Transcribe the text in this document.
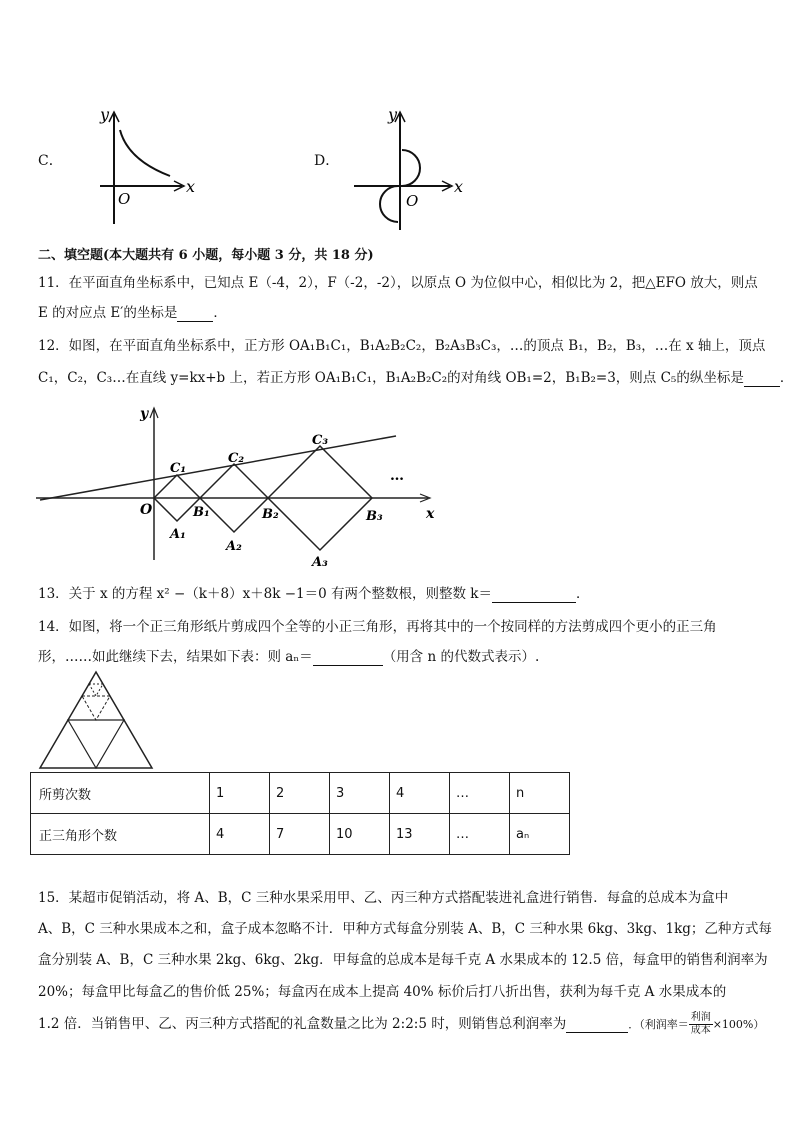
C．
y
x
O
D．
y
x
O
二、填空题(本大题共有 6 小题，每小题 3 分，共 18 分)
11．在平面直角坐标系中，已知点 E（-4，2），F（-2，-2），以原点 O 为位似中心，相似比为 2，把△EFO 放大，则点
E 的对应点 E′的坐标是	．
12．如图，在平面直角坐标系中，正方形 OA₁B₁C₁，B₁A₂B₂C₂，B₂A₃B₃C₃，…的顶点 B₁，B₂，B₃，…在 x 轴上，顶点
C₁，C₂，C₃…在直线 y=kx+b 上，若正方形 OA₁B₁C₁，B₁A₂B₂C₂的对角线 OB₁=2，B₁B₂=3，则点 C₅的纵坐标是	．
y
x
O
C₁
C₂
C₃
B₁	B₂	B₃
A₁
A₂
A₃
…
13．关于 x 的方程 x² −（k＋8）x＋8k −1＝0 有两个整数根，则整数 k＝	．
14．如图，将一个正三角形纸片剪成四个全等的小正三角形，再将其中的一个按同样的方法剪成四个更小的正三角
形，……如此继续下去，结果如下表：则 aₙ＝	（用含 n 的代数式表示）.
所剪次数	1	2	3	4	…	n
正三角形个数	4	7	10	13	…	aₙ
15．某超市促销活动，将 A、B，C 三种水果采用甲、乙、丙三种方式搭配装进礼盒进行销售．每盒的总成本为盒中
A、B，C 三种水果成本之和，盒子成本忽略不计．甲种方式每盒分别装 A、B，C 三种水果 6kg、3kg、1kg；乙种方式每
盒分别装 A、B，C 三种水果 2kg、6kg、2kg．甲每盒的总成本是每千克 A 水果成本的 12.5 倍，每盒甲的销售利润率为
20%；每盒甲比每盒乙的售价低 25%；每盒丙在成本上提高 40% 标价后打八折出售，获利为每千克 A 水果成本的
1.2 倍．当销售甲、乙、丙三种方式搭配的礼盒数量之比为 2:2:5 时，则销售总利润率为	．（利润率＝ $\frac{\text{利润}}{\text{成本}} \times 100\%$）
